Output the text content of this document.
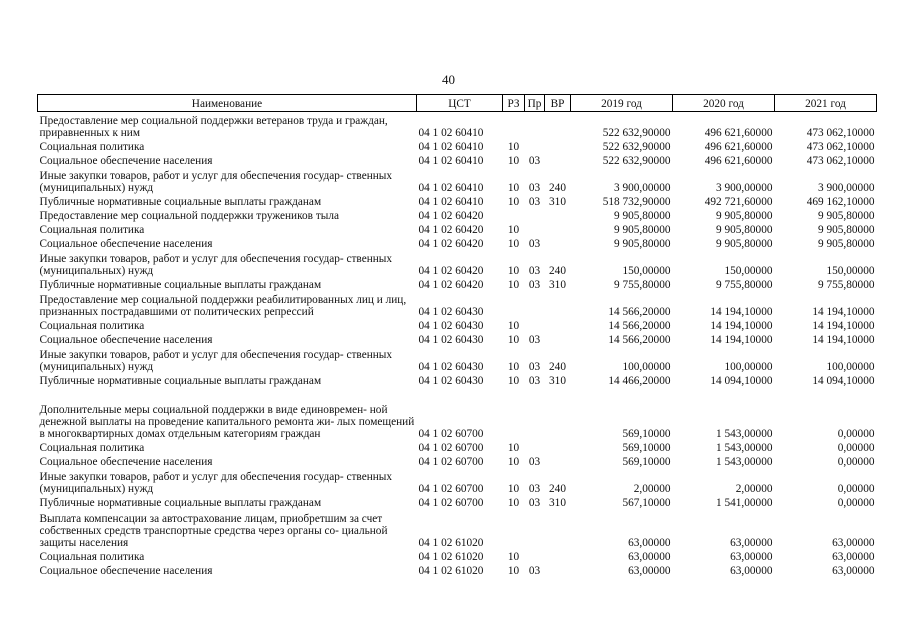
40
Наименование	ЦСТ	РЗ	Пр	ВР	2019 год	2020 год	2021 год
Предоставление мер социальной поддержки ветеранов труда и граждан, приравненных к ним	04 1 02 60410				522 632,90000	496 621,60000	473 062,10000
Социальная политика	04 1 02 60410	10			522 632,90000	496 621,60000	473 062,10000
Социальное обеспечение населения	04 1 02 60410	10	03		522 632,90000	496 621,60000	473 062,10000
Иные закупки товаров, работ и услуг для обеспечения государ- ственных (муниципальных) нужд	04 1 02 60410	10	03	240	3 900,00000	3 900,00000	3 900,00000
Публичные нормативные социальные выплаты гражданам	04 1 02 60410	10	03	310	518 732,90000	492 721,60000	469 162,10000
Предоставление мер социальной поддержки тружеников тыла	04 1 02 60420				9 905,80000	9 905,80000	9 905,80000
Социальная политика	04 1 02 60420	10			9 905,80000	9 905,80000	9 905,80000
Социальное обеспечение населения	04 1 02 60420	10	03		9 905,80000	9 905,80000	9 905,80000
Иные закупки товаров, работ и услуг для обеспечения государ- ственных (муниципальных) нужд	04 1 02 60420	10	03	240	150,00000	150,00000	150,00000
Публичные нормативные социальные выплаты гражданам	04 1 02 60420	10	03	310	9 755,80000	9 755,80000	9 755,80000
Предоставление мер социальной поддержки реабилитированных лиц и лиц, признанных пострадавшими от политических репрессий	04 1 02 60430				14 566,20000	14 194,10000	14 194,10000
Социальная политика	04 1 02 60430	10			14 566,20000	14 194,10000	14 194,10000
Социальное обеспечение населения	04 1 02 60430	10	03		14 566,20000	14 194,10000	14 194,10000
Иные закупки товаров, работ и услуг для обеспечения государ- ственных (муниципальных) нужд	04 1 02 60430	10	03	240	100,00000	100,00000	100,00000
Публичные нормативные социальные выплаты гражданам	04 1 02 60430	10	03	310	14 466,20000	14 094,10000	14 094,10000
Дополнительные меры социальной поддержки в виде единовремен- ной денежной выплаты на проведение капитального ремонта жи- лых помещений в многоквартирных домах отдельным категориям граждан	04 1 02 60700				569,10000	1 543,00000	0,00000
Социальная политика	04 1 02 60700	10			569,10000	1 543,00000	0,00000
Социальное обеспечение населения	04 1 02 60700	10	03		569,10000	1 543,00000	0,00000
Иные закупки товаров, работ и услуг для обеспечения государ- ственных (муниципальных) нужд	04 1 02 60700	10	03	240	2,00000	2,00000	0,00000
Публичные нормативные социальные выплаты гражданам	04 1 02 60700	10	03	310	567,10000	1 541,00000	0,00000
Выплата компенсации за автострахование лицам, приобретшим за счет собственных средств транспортные средства через органы со- циальной защиты населения	04 1 02 61020				63,00000	63,00000	63,00000
Социальная политика	04 1 02 61020	10			63,00000	63,00000	63,00000
Социальное обеспечение населения	04 1 02 61020	10	03		63,00000	63,00000	63,00000
